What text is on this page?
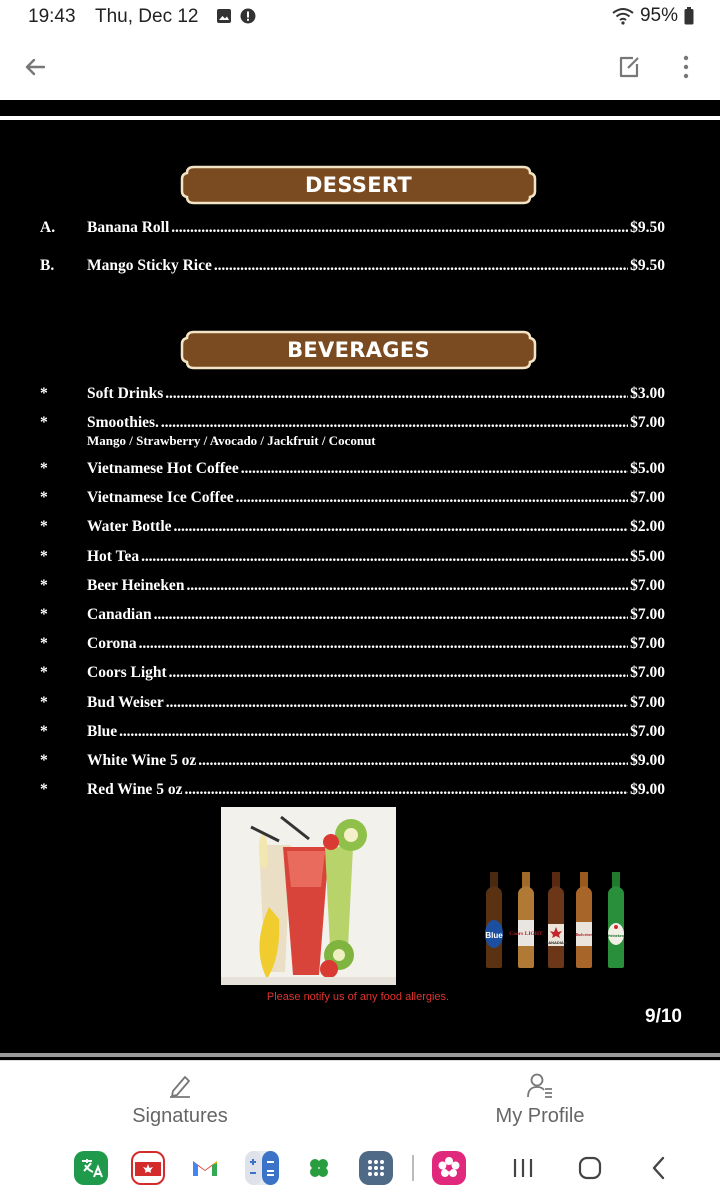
19:43 Thu, Dec 12	95%
DESSERT
A. Banana Roll . . .	$9.50
B. Mango Sticky Rice . . .	$9.50
BEVERAGES
*	Soft Drinks . . .	$3.00
*	Smoothies. . . .	$7.00
Mango / Strawberry / Avocado / Jackfruit / Coconut
*	Vietnamese Hot Coffee . . .	$5.00
*	Vietnamese Ice Coffee . . .	$7.00
*	Water Bottle . . .	$2.00
*	Hot Tea . . .	$5.00
*	Beer Heineken . . .	$7.00
*	Canadian . . .	$7.00
*	Corona . . .	$7.00
*	Coors Light . . .	$7.00
*	Bud Weiser . . .	$7.00
*	Blue . . .	$7.00
*	White Wine 5 oz . . .	$9.00
*	Red Wine 5 oz . . .	$9.00
Blue Coors LIGHT
CANADIAN
Budweiser	Heineken
Please notify us of any food allergies.
9/10
Signatures	My Profile
